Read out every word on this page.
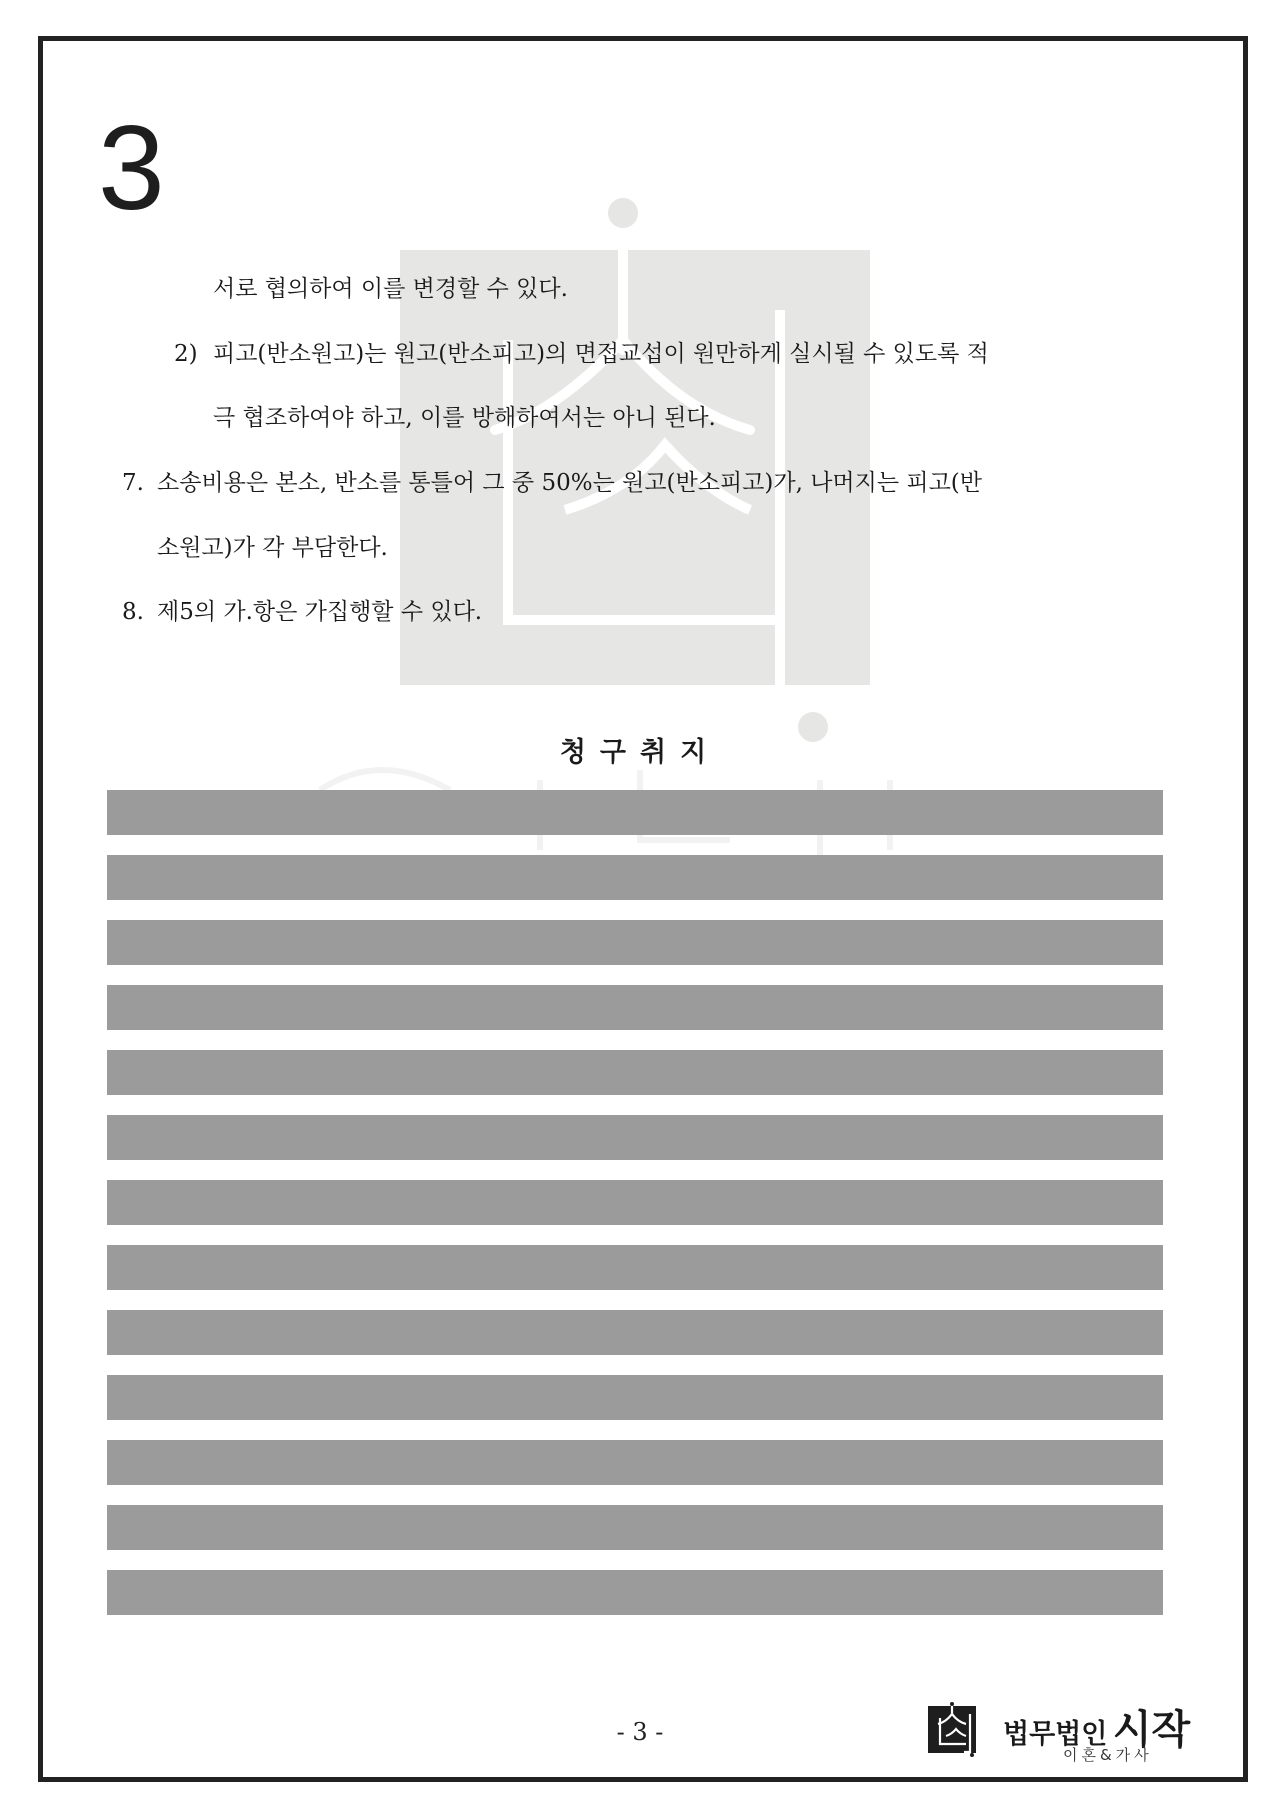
3
서로 협의하여 이를 변경할 수 있다.
2) 피고(반소원고)는 원고(반소피고)의 면접교섭이 원만하게 실시될 수 있도록 적
극 협조하여야 하고, 이를 방해하여서는 아니 된다.
7. 소송비용은 본소, 반소를 통틀어 그 중 50%는 원고(반소피고)가, 나머지는 피고(반
소원고)가 각 부담한다.
8. 제5의 가.항은 가집행할 수 있다.
청구취지
- 3 -	법무법인 시작
이혼&가사
